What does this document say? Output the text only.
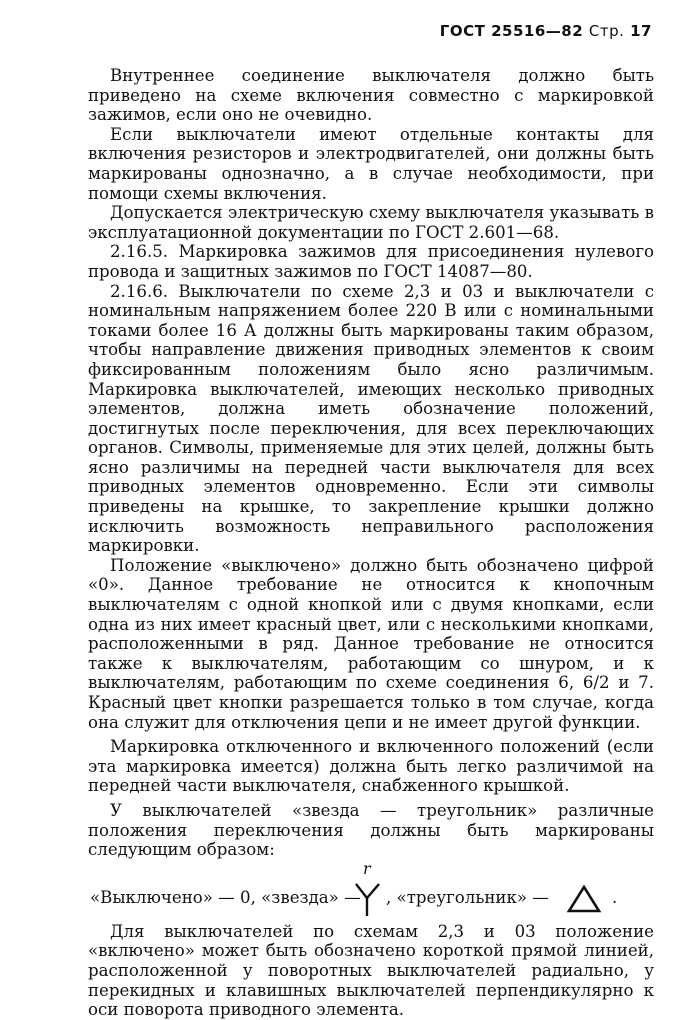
ГОСТ 25516—82 Стр. 17

Внутреннее соединение выключателя должно быть приведено на схеме включения совместно с маркировкой зажимов, если оно не очевидно.

Если выключатели имеют отдельные контакты для включения резисторов и электродвигателей, они должны быть маркированы однозначно, а в случае необходимости, при помощи схемы включения.

Допускается электрическую схему выключателя указывать в эксплуатационной документации по ГОСТ 2.601—68.

2.16.5. Маркировка зажимов для присоединения нулевого провода и защитных зажимов по ГОСТ 14087—80.

2.16.6. Выключатели по схеме 2,3 и 03 и выключатели с номинальным напряжением более 220 В или с номинальными токами более 16 А должны быть маркированы таким образом, чтобы направление движения приводных элементов к своим фиксированным положениям было ясно различимым. Маркировка выключателей, имеющих несколько приводных элементов, должна иметь обозначение положений, достигнутых после переключения, для всех переключающих органов. Символы, применяемые для этих целей, должны быть ясно различимы на передней части выключателя для всех приводных элементов одновременно. Если эти символы приведены на крышке, то закрепление крышки должно исключить возможность неправильного расположения маркировки.

Положение «выключено» должно быть обозначено цифрой «0». Данное требование не относится к кнопочным выключателям с одной кнопкой или с двумя кнопками, если одна из них имеет красный цвет, или с несколькими кнопками, расположенными в ряд. Данное требование не относится также к выключателям, работающим со шнуром, и к выключателям, работающим по схеме соединения 6, 6/2 и 7. Красный цвет кнопки разрешается только в том случае, когда она служит для отключения цепи и не имеет другой функции.

Маркировка отключенного и включенного положений (если эта маркировка имеется) должна быть легко различимой на передней части выключателя, снабженного крышкой.

У выключателей «звезда — треугольник» различные положения переключения должны быть маркированы следующим образом:

«Выключено» — 0, «звезда» —
r
, «треугольник» —	.

Для выключателей по схемам 2,3 и 03 положение «включено» может быть обозначено короткой прямой линией, расположенной у поворотных выключателей радиально, у перекидных и клавишных выключателей перпендикулярно к оси поворота приводного элемента.
